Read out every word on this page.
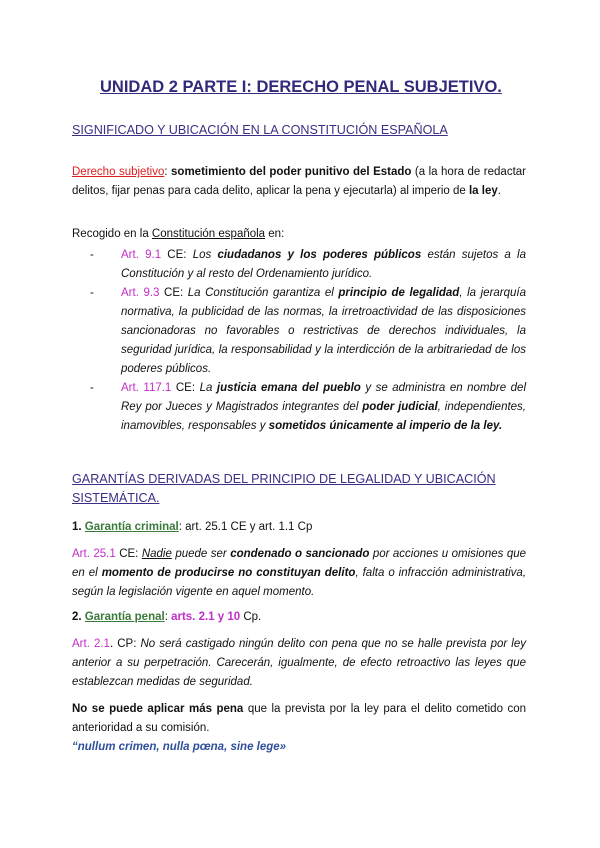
UNIDAD 2 PARTE I: DERECHO PENAL SUBJETIVO.
SIGNIFICADO Y UBICACIÓN EN LA CONSTITUCIÓN ESPAÑOLA
Derecho subjetivo: sometimiento del poder punitivo del Estado (a la hora de redactar delitos, fijar penas para cada delito, aplicar la pena y ejecutarla) al imperio de la ley.
Recogido en la Constitución española en:
- Art. 9.1 CE: Los ciudadanos y los poderes públicos están sujetos a la Constitución y al resto del Ordenamiento jurídico.
- Art. 9.3 CE: La Constitución garantiza el principio de legalidad, la jerarquía normativa, la publicidad de las normas, la irretroactividad de las disposiciones sancionadoras no favorables o restrictivas de derechos individuales, la seguridad jurídica, la responsabilidad y la interdicción de la arbitrariedad de los poderes públicos.
- Art. 117.1 CE: La justicia emana del pueblo y se administra en nombre del Rey por Jueces y Magistrados integrantes del poder judicial, independientes, inamovibles, responsables y sometidos únicamente al imperio de la ley.
GARANTÍAS DERIVADAS DEL PRINCIPIO DE LEGALIDAD Y UBICACIÓN SISTEMÁTICA.
1. Garantía criminal: art. 25.1 CE y art. 1.1 Cp
Art. 25.1 CE: Nadie puede ser condenado o sancionado por acciones u omisiones que en el momento de producirse no constituyan delito, falta o infracción administrativa, según la legislación vigente en aquel momento.
2. Garantía penal: arts. 2.1 y 10 Cp.
Art. 2.1. CP: No será castigado ningún delito con pena que no se halle prevista por ley anterior a su perpetración. Carecerán, igualmente, de efecto retroactivo las leyes que establezcan medidas de seguridad.
No se puede aplicar más pena que la prevista por la ley para el delito cometido con anterioridad a su comisión.
“nullum crimen, nulla pœna, sine lege»
